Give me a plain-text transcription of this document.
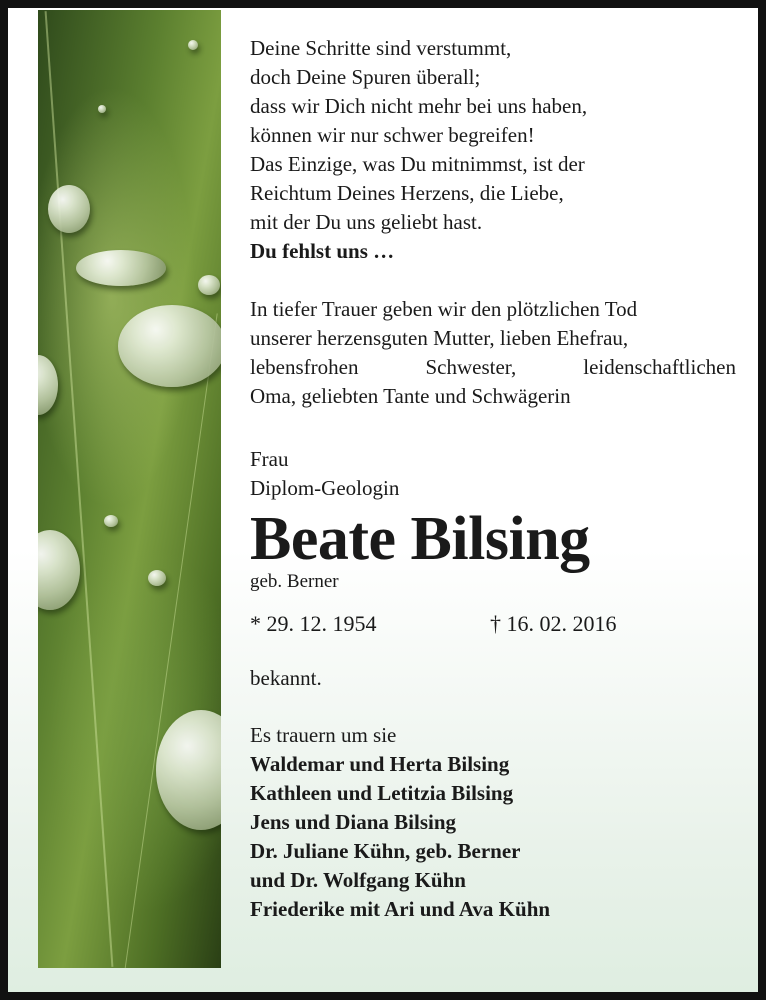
Deine Schritte sind verstummt,
doch Deine Spuren überall;
dass wir Dich nicht mehr bei uns haben,
können wir nur schwer begreifen!
Das Einzige, was Du mitnimmst, ist der
Reichtum Deines Herzens, die Liebe,
mit der Du uns geliebt hast.
Du fehlst uns …
In tiefer Trauer geben wir den plötzlichen Tod
unserer herzensguten Mutter, lieben Ehefrau,
lebensfrohen Schwester, leidenschaftlichen
Oma, geliebten Tante und Schwägerin
Frau
Diplom-Geologin
Beate Bilsing
geb. Berner
* 29. 12. 1954	† 16. 02. 2016
bekannt.
Es trauern um sie
Waldemar und Herta Bilsing
Kathleen und Letitzia Bilsing
Jens und Diana Bilsing
Dr. Juliane Kühn, geb. Berner
und Dr. Wolfgang Kühn
Friederike mit Ari und Ava Kühn
